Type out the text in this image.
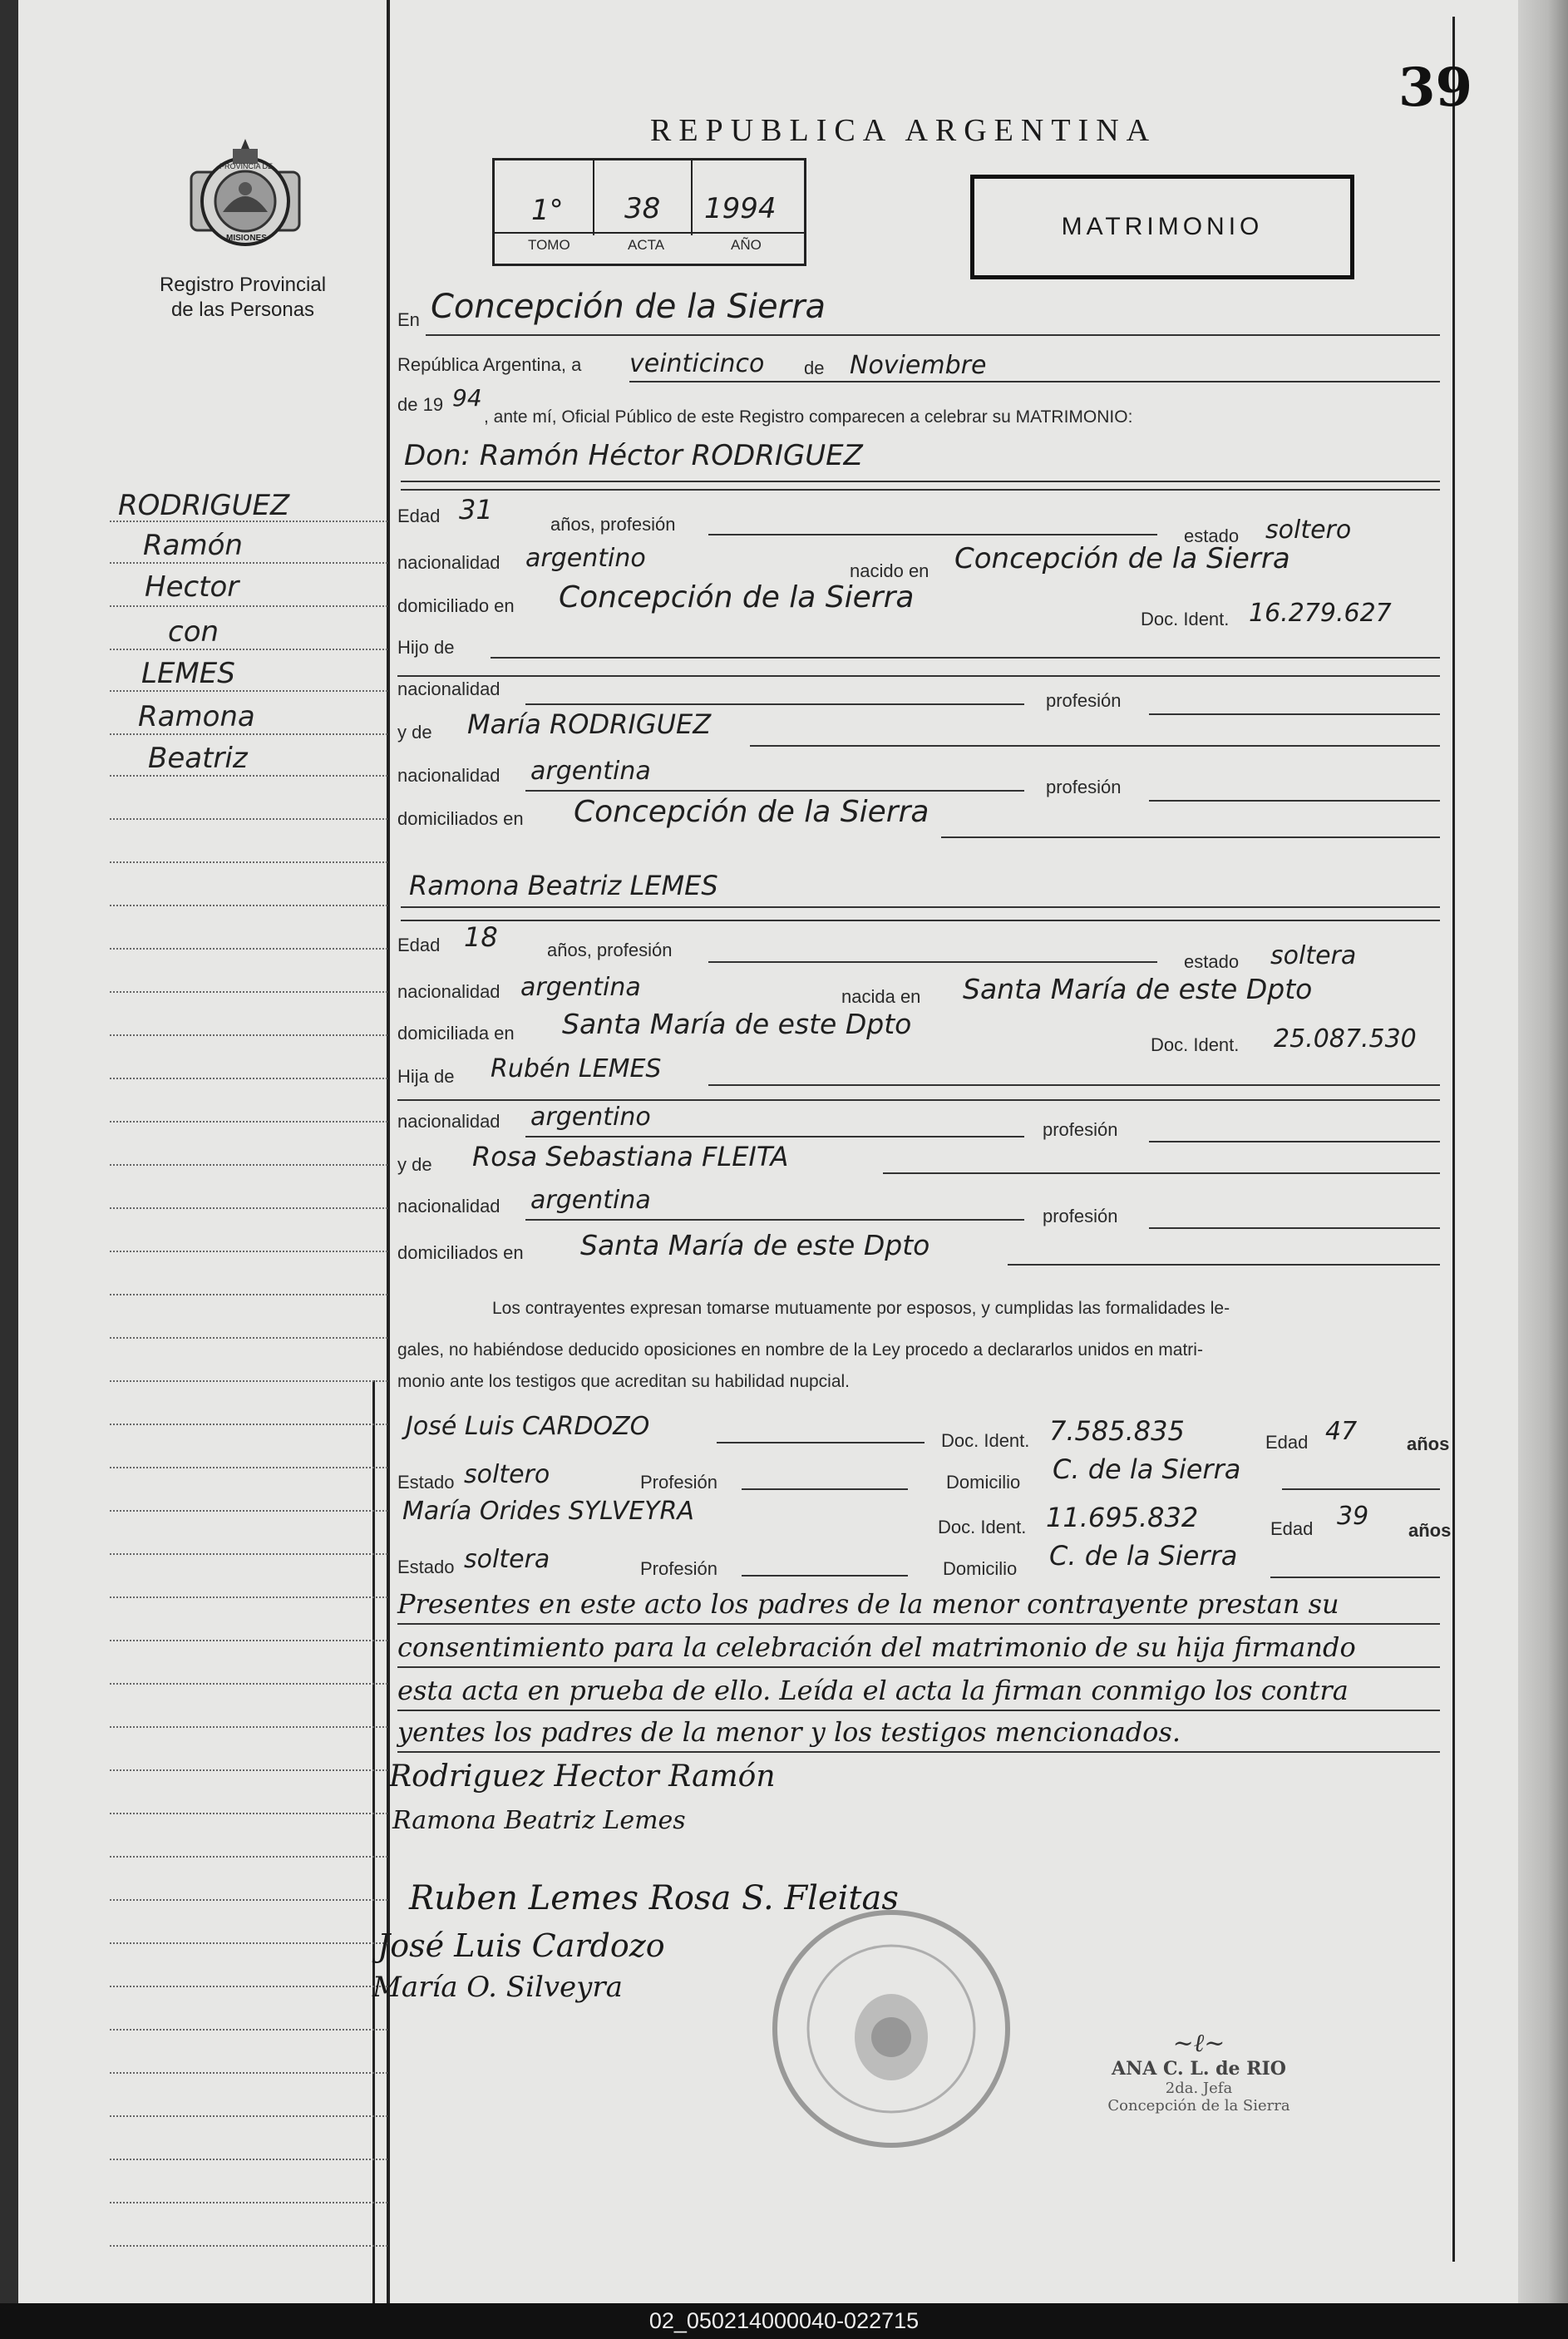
39
REPUBLICA ARGENTINA
PROVINCIA DE
MISIONES
Registro Provincial
de las Personas
1° 38 1994
TOMO	ACTA	AÑO
MATRIMONIO
RODRIGUEZ
Ramón
Hector
con
LEMES
Ramona
Beatriz
En Concepción de la Sierra
República Argentina, a veinticinco de Noviembre
de 19 94
, ante mí, Oficial Público de este Registro comparecen a celebrar su MATRIMONIO:
Don: Ramón Héctor RODRIGUEZ
Edad 31	años, profesión
estado soltero
nacionalidad argentino	nacido en Concepción de la Sierra
domiciliado en Concepción de la Sierra
Doc. Ident. 16.279.627
Hijo de
nacionalidad
profesión
y de María RODRIGUEZ
nacionalidad argentina
profesión
domiciliados en Concepción de la Sierra
Ramona Beatriz LEMES
Edad 18	años, profesión
estado soltera
nacionalidad argentina	nacida en Santa María de este Dpto
domiciliada en Santa María de este Dpto
Doc. Ident. 25.087.530
Hija de Rubén LEMES
nacionalidad argentino	profesión
y de Rosa Sebastiana FLEITA
nacionalidad argentina
profesión
domiciliados en Santa María de este Dpto
Los contrayentes expresan tomarse mutuamente por esposos, y cumplidas las formalidades le-
gales, no habiéndose deducido oposiciones en nombre de la Ley procedo a declararlos unidos en matri-
monio ante los testigos que acreditan su habilidad nupcial.
José Luis CARDOZO	Doc. Ident. 7.585.835	Edad 47	años
Estado soltero	Profesión	Domicilio C. de la Sierra
María Orides SYLVEYRA
Doc. Ident. 11.695.832	Edad 39 años
Estado soltera	Profesión	Domicilio C. de la Sierra
Presentes en este acto los padres de la menor contrayente prestan su
consentimiento para la celebración del matrimonio de su hija firmando
esta acta en prueba de ello. Leída el acta la firman conmigo los contra
yentes los padres de la menor y los testigos mencionados.
Rodriguez Hector Ramón
Ramona Beatriz Lemes
Ruben Lemes Rosa S. Fleitas
José Luis Cardozo
María O. Silveyra
~ℓ~
ANA C. L. de RIO
2da. Jefa
Concepción de la Sierra
02_050214000040-022715
